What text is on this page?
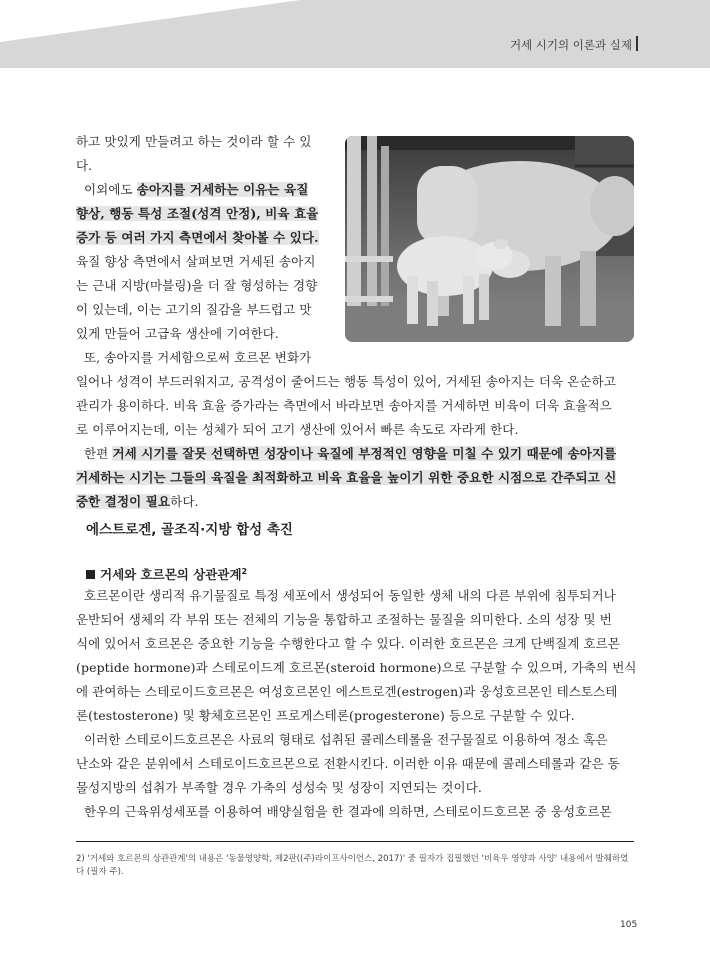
거세 시기의 이론과 실제
하고 맛있게 만들려고 하는 것이라 할 수 있
다.
이외에도 송아지를 거세하는 이유는 육질
향상, 행동 특성 조절(성격 안정), 비육 효율
증가 등 여러 가지 측면에서 찾아볼 수 있다.
육질 향상 측면에서 살펴보면 거세된 송아지
는 근내 지방(마블링)을 더 잘 형성하는 경향
이 있는데, 이는 고기의 질감을 부드럽고 맛
있게 만들어 고급육 생산에 기여한다.
또, 송아지를 거세함으로써 호르몬 변화가
일어나 성격이 부드러워지고, 공격성이 줄어드는 행동 특성이 있어, 거세된 송아지는 더욱 온순하고
관리가 용이하다. 비육 효율 증가라는 측면에서 바라보면 송아지를 거세하면 비육이 더욱 효율적으
로 이루어지는데, 이는 성체가 되어 고기 생산에 있어서 빠른 속도로 자라게 한다.
한편 거세 시기를 잘못 선택하면 성장이나 육질에 부정적인 영향을 미칠 수 있기 때문에 송아지를
거세하는 시기는 그들의 육질을 최적화하고 비육 효율을 높이기 위한 중요한 시점으로 간주되고 신
중한 결정이 필요하다.
에스트로겐, 골조직·지방 합성 촉진
거세와 호르몬의 상관관계$^2$
호르몬이란 생리적 유기물질로 특정 세포에서 생성되어 동일한 생체 내의 다른 부위에 침투되거나
운반되어 생체의 각 부위 또는 전체의 기능을 통합하고 조절하는 물질을 의미한다. 소의 성장 및 번
식에 있어서 호르몬은 중요한 기능을 수행한다고 할 수 있다. 이러한 호르몬은 크게 단백질계 호르몬
(peptide hormone)과 스테로이드계 호르몬(steroid hormone)으로 구분할 수 있으며, 가축의 번식
에 관여하는 스테로이드호르몬은 여성호르몬인 에스트로겐(estrogen)과 웅성호르몬인 테스토스테
론(testosterone) 및 황체호르몬인 프로게스테론(progesterone) 등으로 구분할 수 있다.
이러한 스테로이드호르몬은 사료의 형태로 섭취된 콜레스테롤을 전구물질로 이용하여 정소 혹은
난소와 같은 분위에서 스테로이드호르몬으로 전환시킨다. 이러한 이유 때문에 콜레스테롤과 같은 동
물성지방의 섭취가 부족할 경우 가축의 성성숙 및 성장이 지연되는 것이다.
한우의 근육위성세포를 이용하여 배양실험을 한 결과에 의하면, 스테로이드호르몬 중 웅성호르몬
2) '거세와 호르몬의 상관관계'의 내용은 '동물영양학, 제2판((주)라이프사이언스, 2017)' 중 필자가 집필했던 '비육우 영양과 사양' 내용에서 발췌하였다 (필자 주).
105
